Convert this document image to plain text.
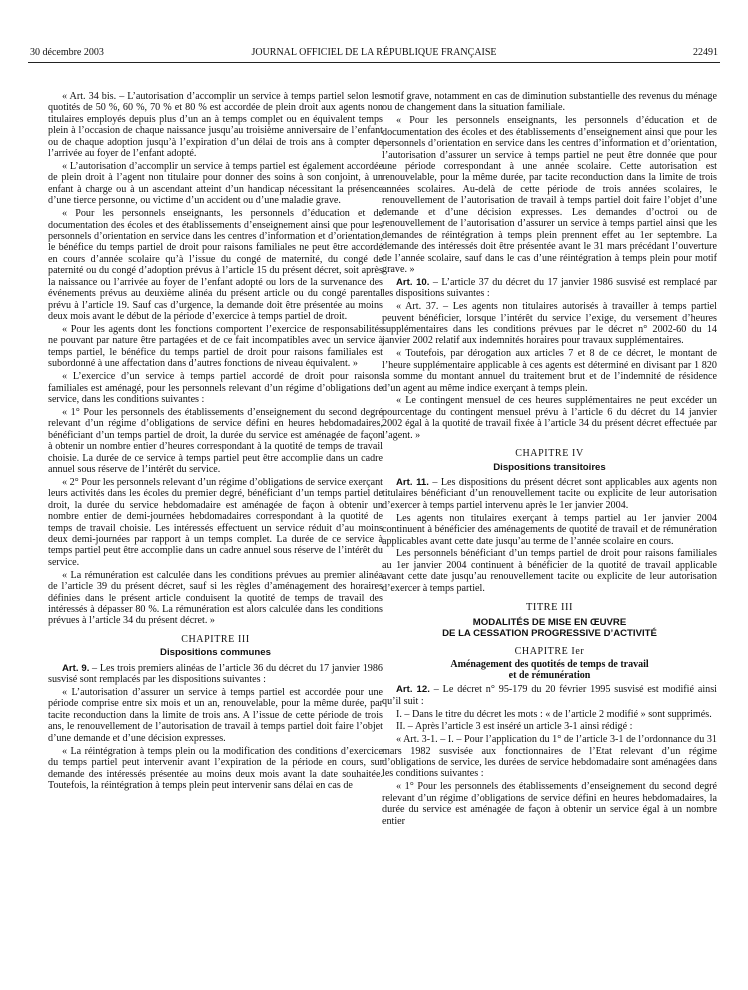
30 décembre 2003	JOURNAL OFFICIEL DE LA RÉPUBLIQUE FRANÇAISE	22491

« Art. 34 bis. – L’autorisation d’accomplir un service à temps partiel selon les quotités de 50 %, 60 %, 70 % et 80 % est accordée de plein droit aux agents non titulaires employés depuis plus d’un an à temps complet ou en équivalent temps plein à l’occasion de chaque naissance jusqu’au troisième anniversaire de l’enfant ou de chaque adoption jusqu’à l’expiration d’un délai de trois ans à compter de l’arrivée au foyer de l’enfant adopté.

« L’autorisation d’accomplir un service à temps partiel est également accordée de plein droit à l’agent non titulaire pour donner des soins à son conjoint, à un enfant à charge ou à un ascendant atteint d’un handicap nécessitant la présence d’une tierce personne, ou victime d’un accident ou d’une maladie grave.

« Pour les personnels enseignants, les personnels d’éducation et de documentation des écoles et des établissements d’enseignement ainsi que pour les personnels d’orientation en service dans les centres d’information et d’orientation, le bénéfice du temps partiel de droit pour raisons familiales ne peut être accordé en cours d’année scolaire qu’à l’issue du congé de maternité, du congé de paternité ou du congé d’adoption prévus à l’article 15 du présent décret, soit après la naissance ou l’arrivée au foyer de l’enfant adopté ou lors de la survenance des événements prévus au deuxième alinéa du présent article ou du congé parental prévu à l’article 19. Sauf cas d’urgence, la demande doit être présentée au moins deux mois avant le début de la période d’exercice à temps partiel de droit.

« Pour les agents dont les fonctions comportent l’exercice de responsabilités ne pouvant par nature être partagées et de ce fait incompatibles avec un service à temps partiel, le bénéfice du temps partiel de droit pour raisons familiales est subordonné à une affectation dans d’autres fonctions de niveau équivalent. »

« L’exercice d’un service à temps partiel accordé de droit pour raisons familiales est aménagé, pour les personnels relevant d’un régime d’obligations de service, dans les conditions suivantes :

« 1° Pour les personnels des établissements d’enseignement du second degré relevant d’un régime d’obligations de service défini en heures hebdomadaires, bénéficiant d’un temps partiel de droit, la durée du service est aménagée de façon à obtenir un nombre entier d’heures correspondant à la quotité de temps de travail choisie. La durée de ce service à temps partiel peut être accomplie dans un cadre annuel sous réserve de l’intérêt du service.

« 2° Pour les personnels relevant d’un régime d’obligations de service exerçant leurs activités dans les écoles du premier degré, bénéficiant d’un temps partiel de droit, la durée du service hebdomadaire est aménagée de façon à obtenir un nombre entier de demi-journées hebdomadaires correspondant à la quotité de temps de travail choisie. Les intéressés effectuent un service réduit d’au moins deux demi-journées par rapport à un temps complet. La durée de ce service à temps partiel peut être accomplie dans un cadre annuel sous réserve de l’intérêt du service.

« La rémunération est calculée dans les conditions prévues au premier alinéa de l’article 39 du présent décret, sauf si les règles d’aménagement des horaires définies dans le présent article conduisent la quotité de temps de travail des intéressés à dépasser 80 %. La rémunération est alors calculée dans les conditions prévues à l’article 34 du présent décret. »

CHAPITRE III
Dispositions communes

Art. 9. – Les trois premiers alinéas de l’article 36 du décret du 17 janvier 1986 susvisé sont remplacés par les dispositions suivantes :

« L’autorisation d’assurer un service à temps partiel est accordée pour une période comprise entre six mois et un an, renouvelable, pour la même durée, par tacite reconduction dans la limite de trois ans. A l’issue de cette période de trois ans, le renouvellement de l’autorisation de travail à temps partiel doit faire l’objet d’une demande et d’une décision expresses.

« La réintégration à temps plein ou la modification des conditions d’exercice du temps partiel peut intervenir avant l’expiration de la période en cours, sur demande des intéressés présentée au moins deux mois avant la date souhaitée. Toutefois, la réintégration à temps plein peut intervenir sans délai en cas de

motif grave, notamment en cas de diminution substantielle des revenus du ménage ou de changement dans la situation familiale.

« Pour les personnels enseignants, les personnels d’éducation et de documentation des écoles et des établissements d’enseignement ainsi que pour les personnels d’orientation en service dans les centres d’information et d’orientation, l’autorisation d’assurer un service à temps partiel ne peut être donnée que pour une période correspondant à une année scolaire. Cette autorisation est renouvelable, pour la même durée, par tacite reconduction dans la limite de trois années scolaires. Au-delà de cette période de trois années scolaires, le renouvellement de l’autorisation de travail à temps partiel doit faire l’objet d’une demande et d’une décision expresses. Les demandes d’octroi ou de renouvellement de l’autorisation d’assurer un service à temps partiel ainsi que les demandes de réintégration à temps plein prennent effet au 1er septembre. La demande des intéressés doit être présentée avant le 31 mars précédant l’ouverture de l’année scolaire, sauf dans le cas d’une réintégration à temps plein pour motif grave. »

Art. 10. – L’article 37 du décret du 17 janvier 1986 susvisé est remplacé par les dispositions suivantes :

« Art. 37. – Les agents non titulaires autorisés à travailler à temps partiel peuvent bénéficier, lorsque l’intérêt du service l’exige, du versement d’heures supplémentaires dans les conditions prévues par le décret n° 2002-60 du 14 janvier 2002 relatif aux indemnités horaires pour travaux supplémentaires.

« Toutefois, par dérogation aux articles 7 et 8 de ce décret, le montant de l’heure supplémentaire applicable à ces agents est déterminé en divisant par 1 820 la somme du montant annuel du traitement brut et de l’indemnité de résidence d’un agent au même indice exerçant à temps plein.

« Le contingent mensuel de ces heures supplémentaires ne peut excéder un pourcentage du contingent mensuel prévu à l’article 6 du décret du 14 janvier 2002 égal à la quotité de travail fixée à l’article 34 du présent décret effectuée par l’agent. »

CHAPITRE IV
Dispositions transitoires

Art. 11. – Les dispositions du présent décret sont applicables aux agents non titulaires bénéficiant d’un renouvellement tacite ou explicite de leur autorisation d’exercer à temps partiel intervenu après le 1er janvier 2004.

Les agents non titulaires exerçant à temps partiel au 1er janvier 2004 continuent à bénéficier des aménagements de quotité de travail et de rémunération applicables avant cette date jusqu’au terme de l’année scolaire en cours.

Les personnels bénéficiant d’un temps partiel de droit pour raisons familiales au 1er janvier 2004 continuent à bénéficier de la quotité de travail applicable avant cette date jusqu’au renouvellement tacite ou explicite de leur autorisation d’exercer à temps partiel.

TITRE III
MODALITÉS DE MISE EN ŒUVRE
DE LA CESSATION PROGRESSIVE D’ACTIVITÉ
CHAPITRE Ier
Aménagement des quotités de temps de travail
et de rémunération

Art. 12. – Le décret n° 95-179 du 20 février 1995 susvisé est modifié ainsi qu’il suit :

I. – Dans le titre du décret les mots : « de l’article 2 modifié » sont supprimés.

II. – Après l’article 3 est inséré un article 3-1 ainsi rédigé :

« Art. 3-1. – I. – Pour l’application du 1° de l’article 3-1 de l’ordonnance du 31 mars 1982 susvisée aux fonctionnaires de l’Etat relevant d’un régime d’obligations de service, les durées de service hebdomadaire sont aménagées dans les conditions suivantes :

« 1° Pour les personnels des établissements d’enseignement du second degré relevant d’un régime d’obligations de service défini en heures hebdomadaires, la durée du service est aménagée de façon à obtenir un service égal à un nombre entier
